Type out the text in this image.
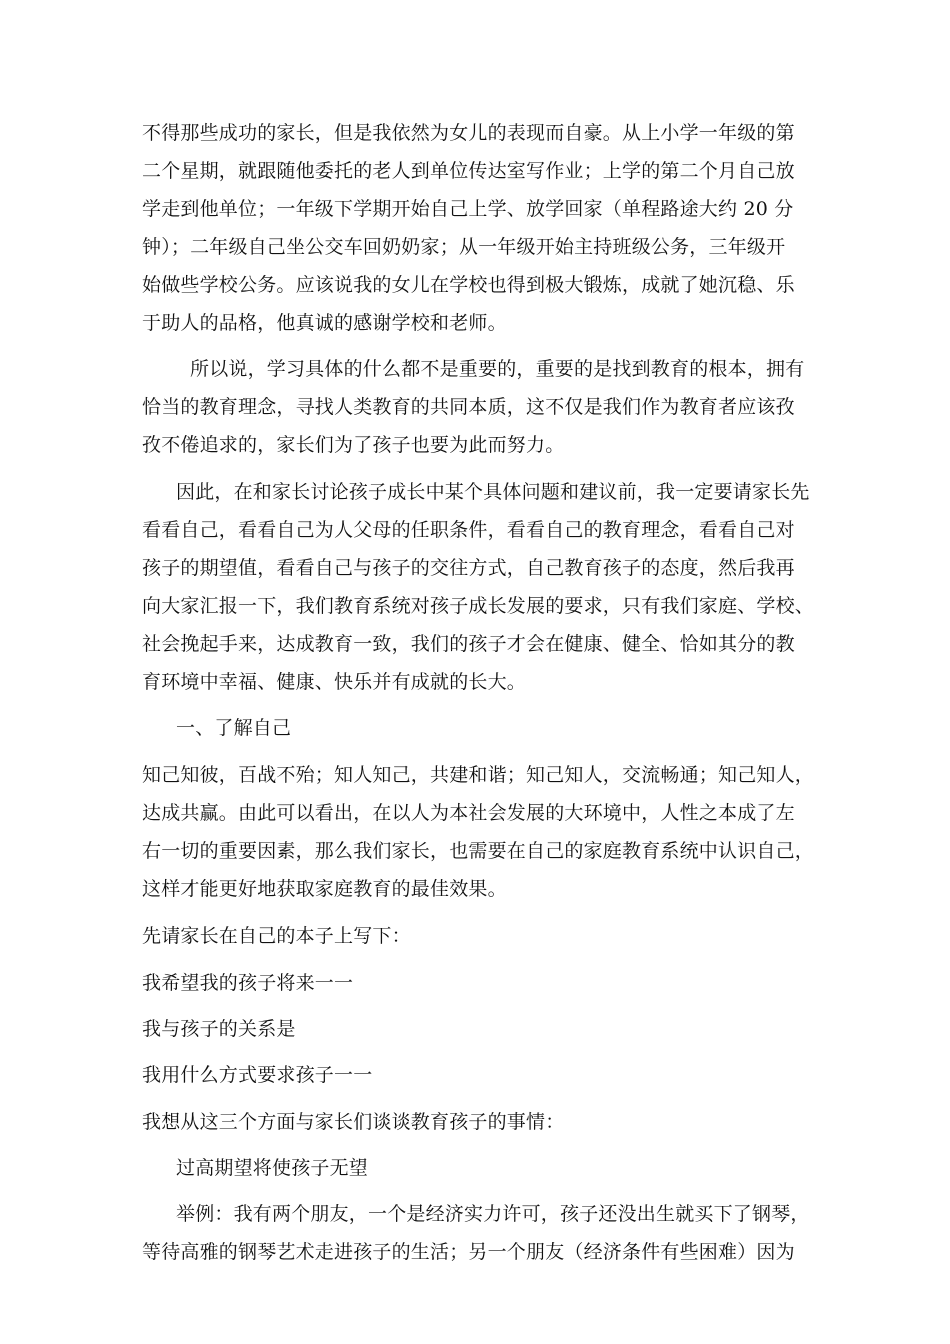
不得那些成功的家长，但是我依然为女儿的表现而自豪。从上小学一年级的第
二个星期，就跟随他委托的老人到单位传达室写作业；上学的第二个月自己放
学走到他单位；一年级下学期开始自己上学、放学回家（单程路途大约 20 分
钟）；二年级自己坐公交车回奶奶家；从一年级开始主持班级公务，三年级开
始做些学校公务。应该说我的女儿在学校也得到极大锻炼，成就了她沉稳、乐
于助人的品格，他真诚的感谢学校和老师。
所以说，学习具体的什么都不是重要的，重要的是找到教育的根本，拥有
恰当的教育理念，寻找人类教育的共同本质，这不仅是我们作为教育者应该孜
孜不倦追求的，家长们为了孩子也要为此而努力。
因此，在和家长讨论孩子成长中某个具体问题和建议前，我一定要请家长先
看看自己，看看自己为人父母的任职条件，看看自己的教育理念，看看自己对
孩子的期望值，看看自己与孩子的交往方式，自己教育孩子的态度，然后我再
向大家汇报一下，我们教育系统对孩子成长发展的要求，只有我们家庭、学校、
社会挽起手来，达成教育一致，我们的孩子才会在健康、健全、恰如其分的教
育环境中幸福、健康、快乐并有成就的长大。
一、了解自己
知己知彼，百战不殆；知人知己，共建和谐；知己知人，交流畅通；知己知人，
达成共赢。由此可以看出，在以人为本社会发展的大环境中，人性之本成了左
右一切的重要因素，那么我们家长，也需要在自己的家庭教育系统中认识自己，
这样才能更好地获取家庭教育的最佳效果。
先请家长在自己的本子上写下：
我希望我的孩子将来一一
我与孩子的关系是
我用什么方式要求孩子一一
我想从这三个方面与家长们谈谈教育孩子的事情：
过高期望将使孩子无望
举例：我有两个朋友，一个是经济实力许可，孩子还没出生就买下了钢琴，
等待高雅的钢琴艺术走进孩子的生活；另一个朋友（经济条件有些困难）因为
